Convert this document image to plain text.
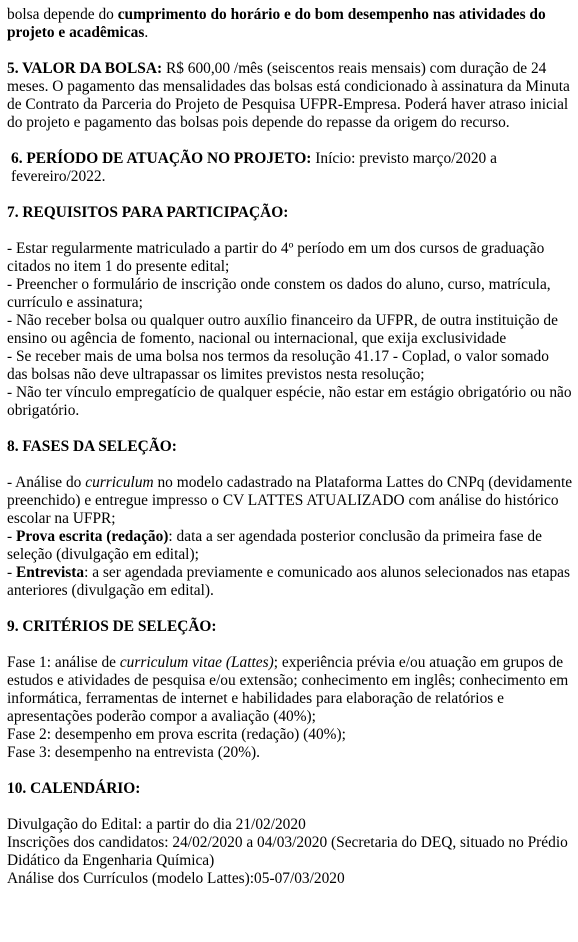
bolsa depende do cumprimento do horário e do bom desempenho nas atividades do projeto e acadêmicas.

5. VALOR DA BOLSA: R$ 600,00 /mês (seiscentos reais mensais) com duração de 24 meses. O pagamento das mensalidades das bolsas está condicionado à assinatura da Minuta de Contrato da Parceria do Projeto de Pesquisa UFPR-Empresa. Poderá haver atraso inicial do projeto e pagamento das bolsas pois depende do repasse da origem do recurso.

6. PERÍODO DE ATUAÇÃO NO PROJETO: Início: previsto março/2020 a fevereiro/2022.

7. REQUISITOS PARA PARTICIPAÇÃO:

- Estar regularmente matriculado a partir do 4º período em um dos cursos de graduação citados no item 1 do presente edital;

- Preencher o formulário de inscrição onde constem os dados do aluno, curso, matrícula, currículo e assinatura;

- Não receber bolsa ou qualquer outro auxílio financeiro da UFPR, de outra instituição de ensino ou agência de fomento, nacional ou internacional, que exija exclusividade

- Se receber mais de uma bolsa nos termos da resolução 41.17 - Coplad, o valor somado das bolsas não deve ultrapassar os limites previstos nesta resolução;

- Não ter vínculo empregatício de qualquer espécie, não estar em estágio obrigatório ou não obrigatório.

8. FASES DA SELEÇÃO:

- Análise do curriculum no modelo cadastrado na Plataforma Lattes do CNPq (devidamente preenchido) e entregue impresso o CV LATTES ATUALIZADO com análise do histórico escolar na UFPR;

- Prova escrita (redação): data a ser agendada posterior conclusão da primeira fase de seleção (divulgação em edital);

- Entrevista: a ser agendada previamente e comunicado aos alunos selecionados nas etapas anteriores (divulgação em edital).

9. CRITÉRIOS DE SELEÇÃO:

Fase 1: análise de curriculum vitae (Lattes); experiência prévia e/ou atuação em grupos de estudos e atividades de pesquisa e/ou extensão; conhecimento em inglês; conhecimento em informática, ferramentas de internet e habilidades para elaboração de relatórios e apresentações poderão compor a avaliação (40%);

Fase 2: desempenho em prova escrita (redação) (40%);

Fase 3: desempenho na entrevista (20%).

10. CALENDÁRIO:

Divulgação do Edital: a partir do dia 21/02/2020

Inscrições dos candidatos: 24/02/2020 a 04/03/2020 (Secretaria do DEQ, situado no Prédio Didático da Engenharia Química)

Análise dos Currículos (modelo Lattes):05-07/03/2020
